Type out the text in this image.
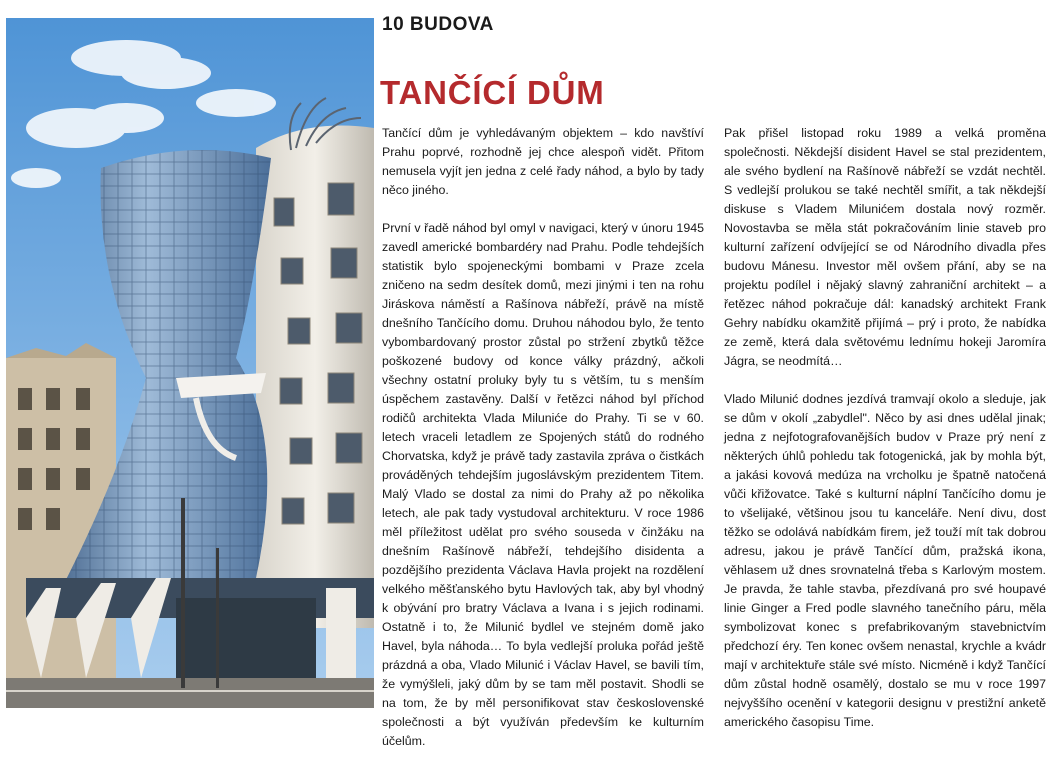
10 BUDOVA
TANČÍCÍ DŮM

Tančící dům je vyhledávaným objektem – kdo navštíví Prahu poprvé, rozhodně jej chce alespoň vidět. Přitom nemusela vyjít jen jedna z celé řady náhod, a bylo by tady něco jiného.

První v řadě náhod byl omyl v navigaci, který v únoru 1945 zavedl americké bombardéry nad Prahu. Podle tehdejších statistik bylo spojeneckými bombami v Praze zcela zničeno na sedm desítek domů, mezi jinými i ten na rohu Jiráskova náměstí a Rašínova nábřeží, právě na místě dnešního Tančícího domu. Druhou náhodou bylo, že tento vybombardovaný prostor zůstal po stržení zbytků těžce poškozené budovy od konce války prázdný, ačkoli všechny ostatní proluky byly tu s větším, tu s menším úspěchem zastavěny. Další v řetězci náhod byl příchod rodičů architekta Vlada Miluniće do Prahy. Ti se v 60. letech vraceli letadlem ze Spojených států do rodného Chorvatska, když je právě tady zastavila zpráva o čistkách prováděných tehdejším jugoslávským prezidentem Titem. Malý Vlado se dostal za nimi do Prahy až po několika letech, ale pak tady vystudoval architekturu. V roce 1986 měl příležitost udělat pro svého souseda v činžáku na dnešním Rašínově nábřeží, tehdejšího disidenta a pozdějšího prezidenta Václava Havla projekt na rozdělení velkého měšťanského bytu Havlových tak, aby byl vhodný k obývání pro bratry Václava a Ivana i s jejich rodinami. Ostatně i to, že Milunić bydlel ve stejném domě jako Havel, byla náhoda… To byla vedlejší proluka pořád ještě prázdná a oba, Vlado Milunić i Václav Havel, se bavili tím, že vymýšleli, jaký dům by se tam měl postavit. Shodli se na tom, že by měl personifikovat stav československé společnosti a být využíván především ke kulturním účelům.

Pak přišel listopad roku 1989 a velká proměna společnosti. Někdejší disident Havel se stal prezidentem, ale svého bydlení na Rašínově nábřeží se vzdát nechtěl. S vedlejší prolukou se také nechtěl smířit, a tak někdejší diskuse s Vladem Milunićem dostala nový rozměr. Novostavba se měla stát pokračováním linie staveb pro kulturní zařízení odvíjející se od Národního divadla přes budovu Mánesu. Investor měl ovšem přání, aby se na projektu podílel i nějaký slavný zahraniční architekt – a řetězec náhod pokračuje dál: kanadský architekt Frank Gehry nabídku okamžitě přijímá – prý i proto, že nabídka ze země, která dala světovému lednímu hokeji Jaromíra Jágra, se neodmítá…

Vlado Milunić dodnes jezdívá tramvají okolo a sleduje, jak se dům v okolí „zabydlel". Něco by asi dnes udělal jinak; jedna z nejfotografovanějších budov v Praze prý není z některých úhlů pohledu tak fotogenická, jak by mohla být, a jakási kovová medúza na vrcholku je špatně natočená vůči křižovatce. Také s kulturní náplní Tančícího domu je to všelijaké, většinou jsou tu kanceláře. Není divu, dost těžko se odolává nabídkám firem, jež touží mít tak dobrou adresu, jakou je právě Tančící dům, pražská ikona, věhlasem už dnes srovnatelná třeba s Karlovým mostem. Je pravda, že tahle stavba, přezdívaná pro své houpavé linie Ginger a Fred podle slavného tanečního páru, měla symbolizovat konec s prefabrikovaným stavebnictvím předchozí éry. Ten konec ovšem nenastal, krychle a kvádr mají v architektuře stále své místo. Nicméně i když Tančící dům zůstal hodně osamělý, dostalo se mu v roce 1997 nejvyššího ocenění v kategorii designu v prestižní anketě amerického časopisu Time.
